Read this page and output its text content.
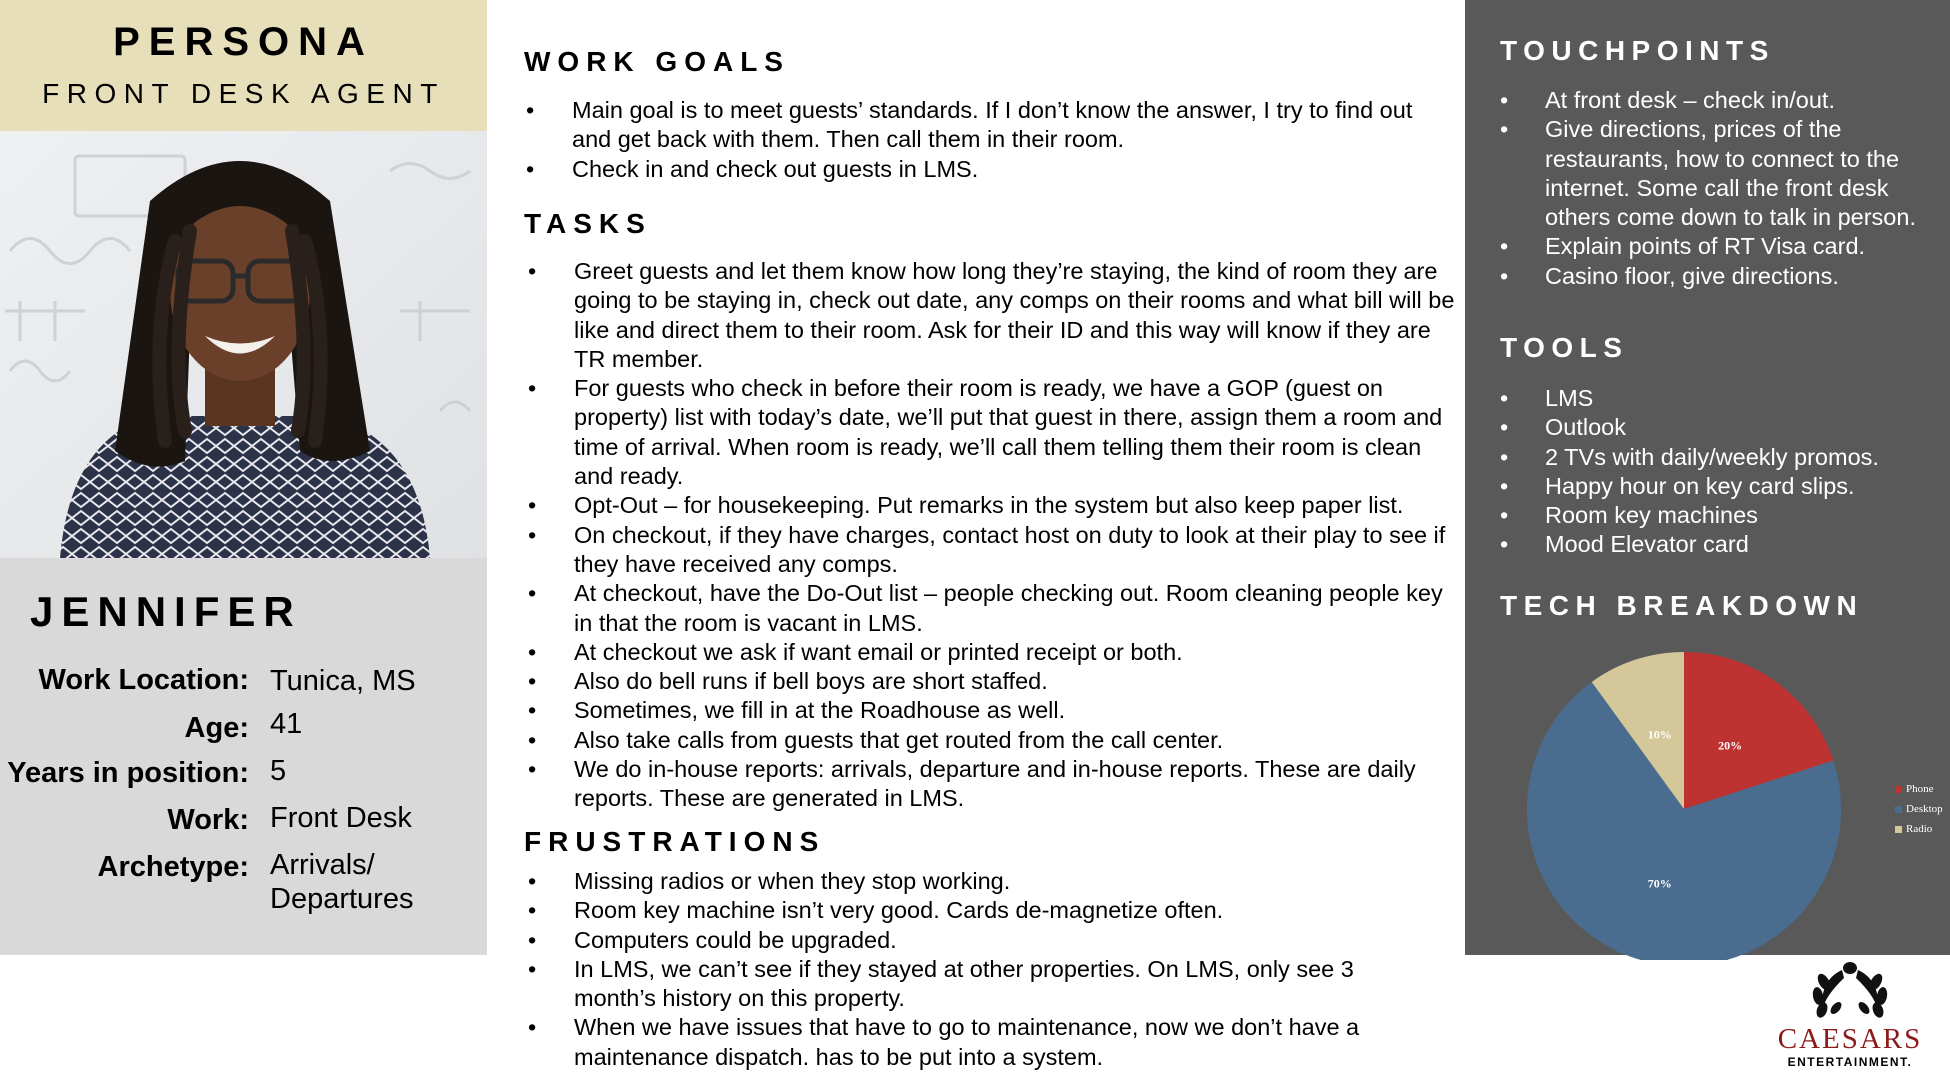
PERSONA
FRONT DESK AGENT
JENNIFER
Work Location: Tunica, MS
Age: 41
Years in position: 5
Work: Front Desk
Archetype: Arrivals/ Departures
WORK GOALS
• Main goal is to meet guests’ standards. If I don’t know the answer, I try to find out and get back with them. Then call them in their room.
• Check in and check out guests in LMS.
TASKS
• Greet guests and let them know how long they’re staying, the kind of room they are going to be staying in, check out date, any comps on their rooms and what bill will be like and direct them to their room. Ask for their ID and this way will know if they are TR member.
• For guests who check in before their room is ready, we have a GOP (guest on property) list with today’s date, we’ll put that guest in there, assign them a room and time of arrival. When room is ready, we’ll call them telling them their room is clean and ready.
• Opt-Out – for housekeeping. Put remarks in the system but also keep paper list.
• On checkout, if they have charges, contact host on duty to look at their play to see if they have received any comps.
• At checkout, have the Do-Out list – people checking out. Room cleaning people key in that the room is vacant in LMS.
• At checkout we ask if want email or printed receipt or both.
• Also do bell runs if bell boys are short staffed.
• Sometimes, we fill in at the Roadhouse as well.
• Also take calls from guests that get routed from the call center.
• We do in-house reports: arrivals, departure and in-house reports. These are daily reports. These are generated in LMS.
FRUSTRATIONS
• Missing radios or when they stop working.
• Room key machine isn’t very good. Cards de-magnetize often.
• Computers could be upgraded.
• In LMS, we can’t see if they stayed at other properties. On LMS, only see 3 month’s history on this property.
• When we have issues that have to go to maintenance, now we don’t have a maintenance dispatch. has to be put into a system.
TOUCHPOINTS
• At front desk – check in/out.
• Give directions, prices of the restaurants, how to connect to the internet. Some call the front desk others come down to talk in person.
• Explain points of RT Visa card.
• Casino floor, give directions.
TOOLS
• LMS
• Outlook
• 2 TVs with daily/weekly promos.
• Happy hour on key card slips.
• Room key machines
• Mood Elevator card
TECH BREAKDOWN
20%
70%
10%
Phone
Desktop
Radio
CAESARS
ENTERTAINMENT.
